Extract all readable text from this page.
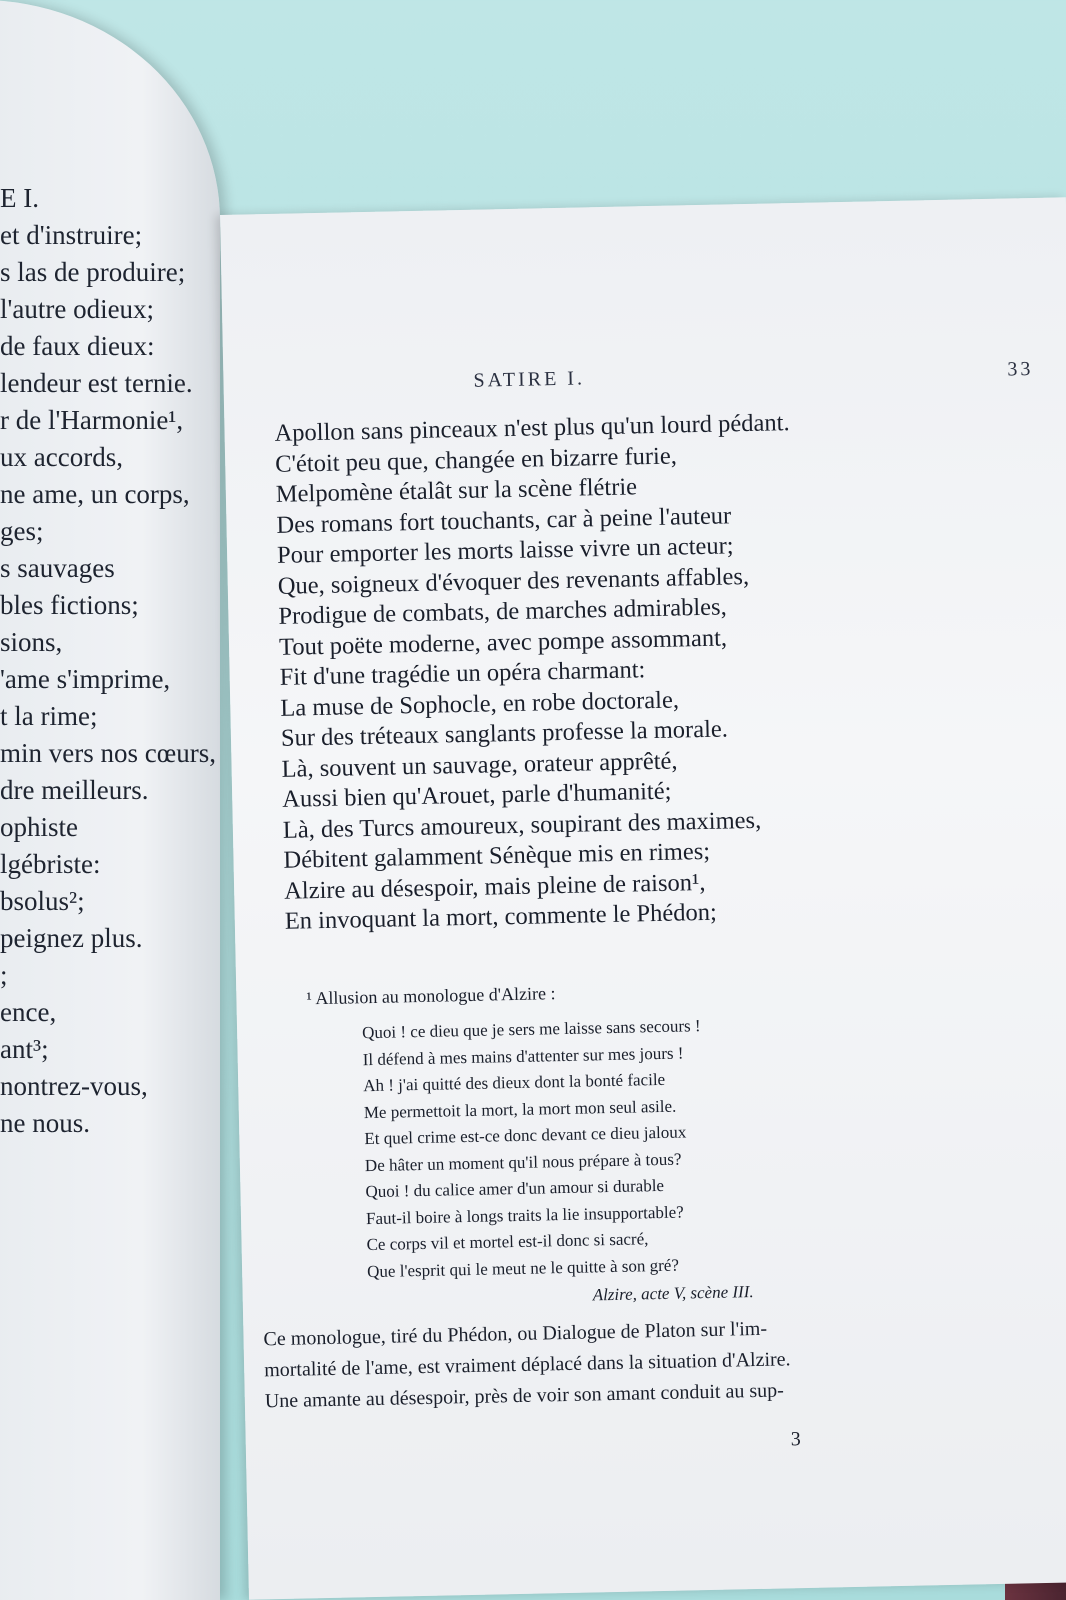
E I.
et d'instruire;
s las de produire;
l'autre odieux;
de faux dieux:
lendeur est ternie.
r de l'Harmonie¹,
ux accords,
ne ame, un corps,
ges;
s sauvages
bles fictions;
sions,
'ame s'imprime,
t la rime;
min vers nos cœurs,
dre meilleurs.
ophiste
lgébriste:
bsolus²;
peignez plus.
;
ence,
ant³;
nontrez-vous,
ne nous.
SATIRE I.	33
Apollon sans pinceaux n'est plus qu'un lourd pédant.
C'étoit peu que, changée en bizarre furie,
Melpomène étalât sur la scène flétrie
Des romans fort touchants, car à peine l'auteur
Pour emporter les morts laisse vivre un acteur;
Que, soigneux d'évoquer des revenants affables,
Prodigue de combats, de marches admirables,
Tout poëte moderne, avec pompe assommant,
Fit d'une tragédie un opéra charmant:
La muse de Sophocle, en robe doctorale,
Sur des tréteaux sanglants professe la morale.
Là, souvent un sauvage, orateur apprêté,
Aussi bien qu'Arouet, parle d'humanité;
Là, des Turcs amoureux, soupirant des maximes,
Débitent galamment Sénèque mis en rimes;
Alzire au désespoir, mais pleine de raison¹,
En invoquant la mort, commente le Phédon;
¹ Allusion au monologue d'Alzire :
Quoi ! ce dieu que je sers me laisse sans secours !
Il défend à mes mains d'attenter sur mes jours !
Ah ! j'ai quitté des dieux dont la bonté facile
Me permettoit la mort, la mort mon seul asile.
Et quel crime est-ce donc devant ce dieu jaloux
De hâter un moment qu'il nous prépare à tous?
Quoi ! du calice amer d'un amour si durable
Faut-il boire à longs traits la lie insupportable?
Ce corps vil et mortel est-il donc si sacré,
Que l'esprit qui le meut ne le quitte à son gré?
Alzire, acte V, scène III.
Ce monologue, tiré du Phédon, ou Dialogue de Platon sur l'im-
mortalité de l'ame, est vraiment déplacé dans la situation d'Alzire.
Une amante au désespoir, près de voir son amant conduit au sup-
3
